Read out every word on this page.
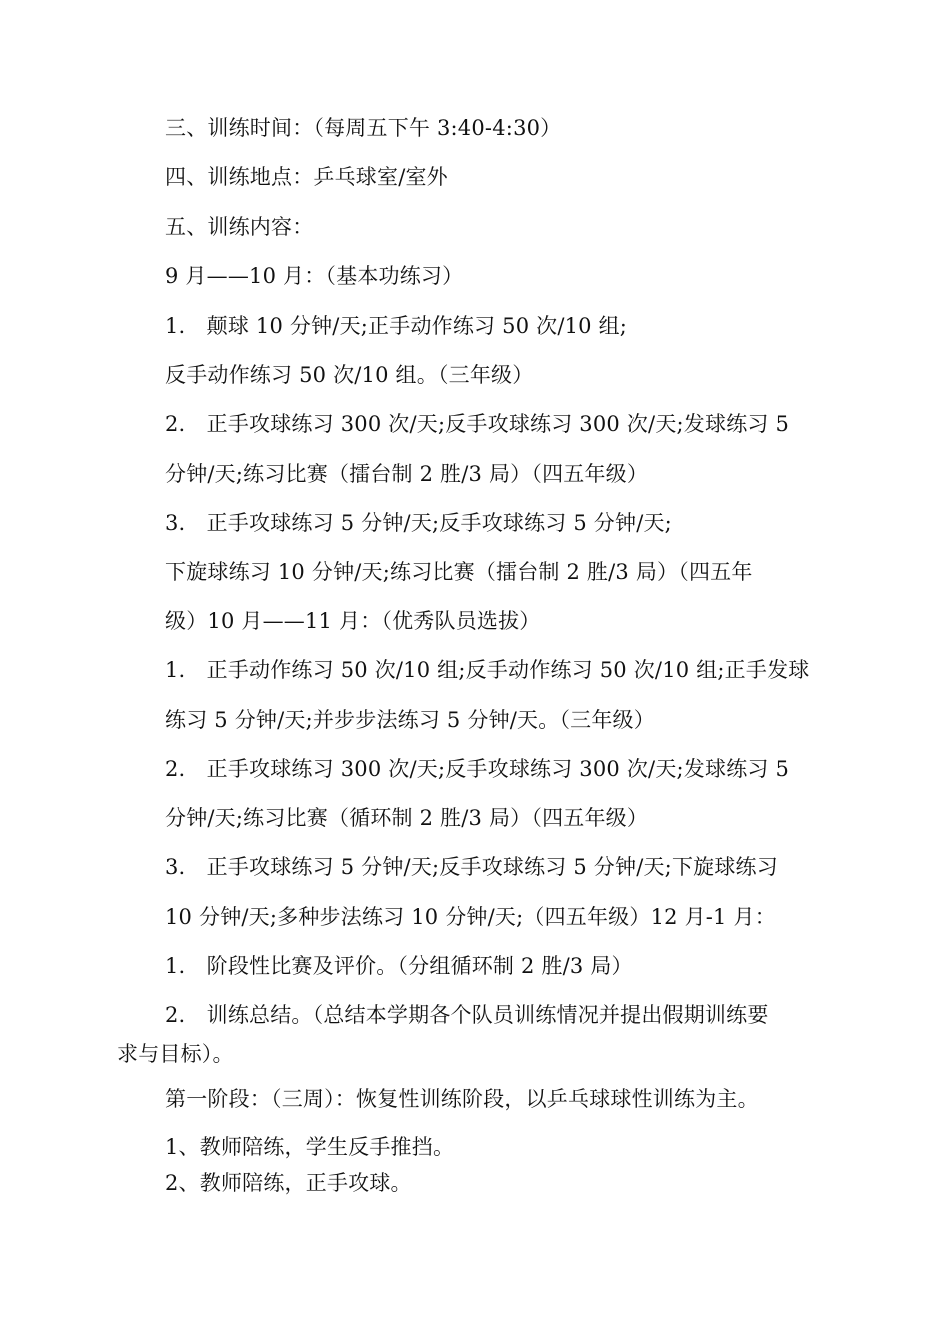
三、训练时间：（每周五下午 3:40-4:30）
四、训练地点：乒乓球室/室外
五、训练内容：
9 月——10 月：（基本功练习）
1.　颠球 10 分钟/天;正手动作练习 50 次/10 组;
反手动作练习 50 次/10 组。（三年级）
2.　正手攻球练习 300 次/天;反手攻球练习 300 次/天;发球练习 5
分钟/天;练习比赛（擂台制 2 胜/3 局）（四五年级）
3.　正手攻球练习 5 分钟/天;反手攻球练习 5 分钟/天;
下旋球练习 10 分钟/天;练习比赛（擂台制 2 胜/3 局）（四五年
级）10 月——11 月：（优秀队员选拔）
1.　正手动作练习 50 次/10 组;反手动作练习 50 次/10 组;正手发球
练习 5 分钟/天;并步步法练习 5 分钟/天。（三年级）
2.　正手攻球练习 300 次/天;反手攻球练习 300 次/天;发球练习 5
分钟/天;练习比赛（循环制 2 胜/3 局）（四五年级）
3.　正手攻球练习 5 分钟/天;反手攻球练习 5 分钟/天;下旋球练习
10 分钟/天;多种步法练习 10 分钟/天;（四五年级）12 月-1 月：
1.　阶段性比赛及评价。（分组循环制 2 胜/3 局）
2.　训练总结。（总结本学期各个队员训练情况并提出假期训练要
求与目标）。
第一阶段：（三周）：恢复性训练阶段，以乒乓球球性训练为主。
1、教师陪练，学生反手推挡。
2、教师陪练，正手攻球。
